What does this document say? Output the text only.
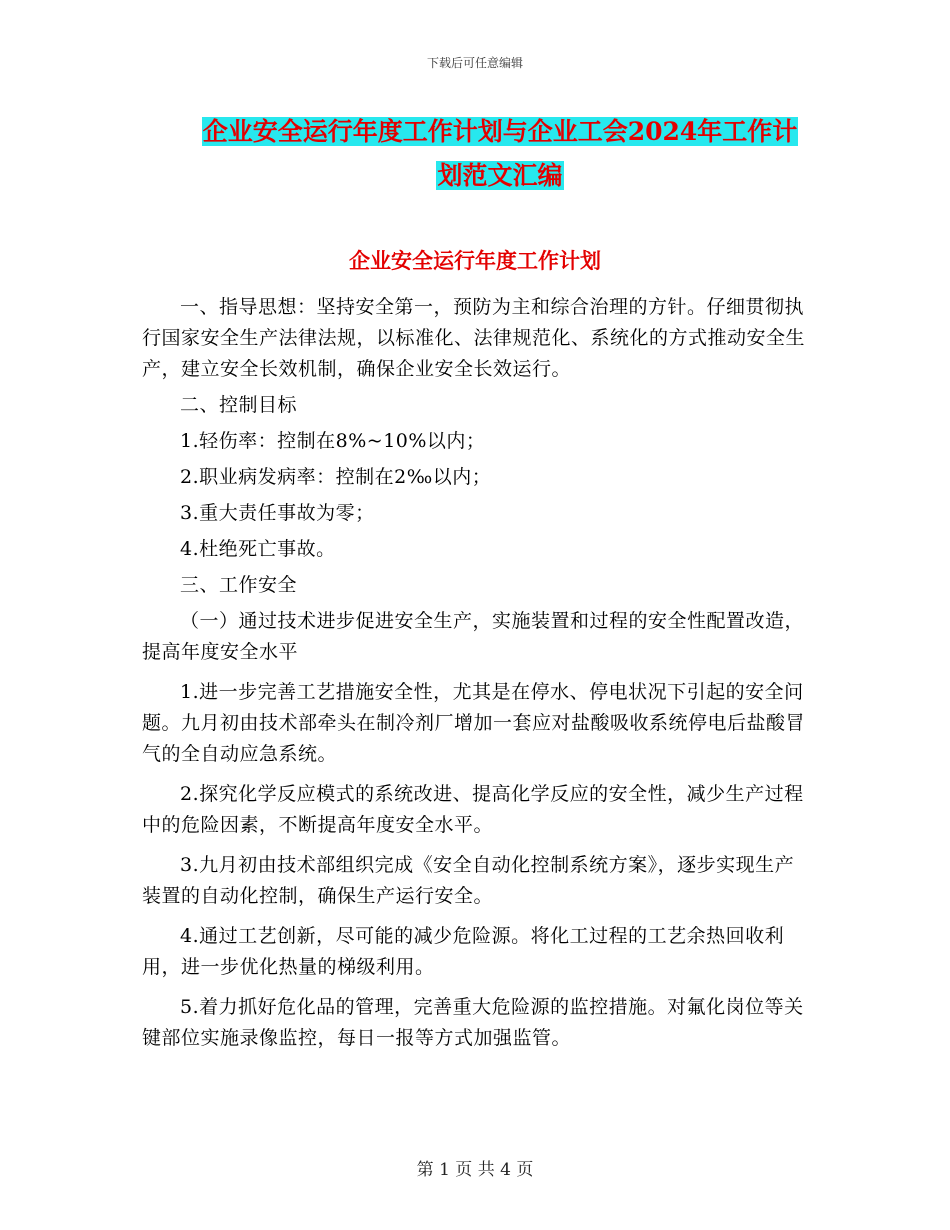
下载后可任意编辑
企业安全运行年度工作计划与企业工会2024年工作计
划范文汇编
企业安全运行年度工作计划

一、指导思想：坚持安全第一，预防为主和综合治理的方针。仔细贯彻执行国家安全生产法律法规，以标准化、法律规范化、系统化的方式推动安全生产，建立安全长效机制，确保企业安全长效运行。

二、控制目标

1.轻伤率：控制在8%~10%以内；

2.职业病发病率：控制在2‰以内；

3.重大责任事故为零；

4.杜绝死亡事故。

三、工作安全

（一）通过技术进步促进安全生产，实施装置和过程的安全性配置改造，提高年度安全水平

1.进一步完善工艺措施安全性，尤其是在停水、停电状况下引起的安全问题。九月初由技术部牵头在制冷剂厂增加一套应对盐酸吸收系统停电后盐酸冒气的全自动应急系统。

2.探究化学反应模式的系统改进、提高化学反应的安全性，减少生产过程中的危险因素，不断提高年度安全水平。

3.九月初由技术部组织完成《安全自动化控制系统方案》，逐步实现生产装置的自动化控制，确保生产运行安全。

4.通过工艺创新，尽可能的减少危险源。将化工过程的工艺余热回收利用，进一步优化热量的梯级利用。

5.着力抓好危化品的管理，完善重大危险源的监控措施。对氟化岗位等关键部位实施录像监控，每日一报等方式加强监管。

第 1 页 共 4 页
